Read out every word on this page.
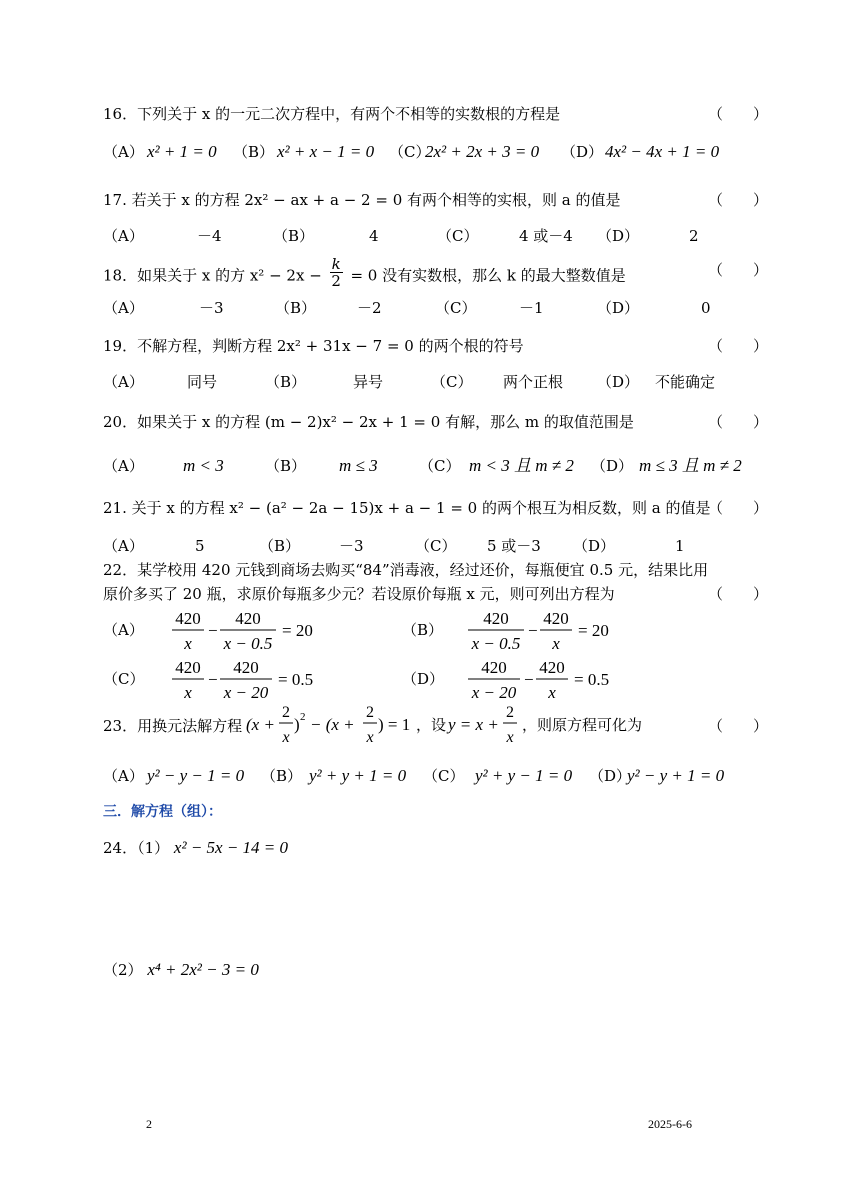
16．下列关于 x 的一元二次方程中，有两个不相等的实数根的方程是	（　　）
（A） x² + 1 = 0 （B） x² + x − 1 = 0 （C）
2x² + 2x + 3 = 0 （D） 4x² − 4x + 1 = 0
17. 若关于 x 的方程 2x² − ax + a − 2 = 0 有两个相等的实根，则 a 的值是	（　　）
（A）	－4	（B）	4	（C）	4 或－4 （D）	2
18．如果关于 x 的方 $x^2 - 2x - \frac{k}{2} = 0$ 没有实数根，那么 k 的最大整数值是	（　　）
（A）	－3	（B）	－2	（C）	－1	（D）	0
19．不解方程，判断方程 2x² + 31x − 7 = 0 的两个根的符号	（　　）
（A）	同号	（B）	异号	（C） 两个正根 （D） 不能确定
20．如果关于 x 的方程 (m − 2)x² − 2x + 1 = 0 有解，那么 m 的取值范围是	（　　）
（A） m < 3	（B） m ≤ 3	（C） m < 3 且 m ≠ 2 （D） m ≤ 3 且 m ≠ 2
21. 关于 x 的方程 x² − (a² − 2a − 15)x + a − 1 = 0 的两个根互为相反数，则 a 的值是
（　　）
（A）	5	（B）	－3	（C） 5 或－3 （D）	1
22．某学校用 420 元钱到商场去购买“84”消毒液，经过还价，每瓶便宜 0.5 元，结果比用
原价多买了 20 瓶，求原价每瓶多少元？若设原价每瓶 x 元，则可列出方程为	（　　）
（A）
420
x
−
420
x − 0.5
= 20	（B）
420
x − 0.5
−
420
x
= 20
（C）
420
x
−
420
x − 20
= 0.5	（D）
420
x − 20
−
420
x
= 0.5
23．用换元法解方程 (x +
2
x
) 2 − (x +
2
x
) = 1 ，设 y = x +
2
x
，则原方程可化为	（　　）
（A） y² − y − 1 = 0 （B） y² + y + 1 = 0 （C） y² + y − 1 = 0 （D）
y² − y + 1 = 0
三．解方程（组）：
24．（1） x² − 5x − 14 = 0
（2） x⁴ + 2x² − 3 = 0
2	2025-6-6
